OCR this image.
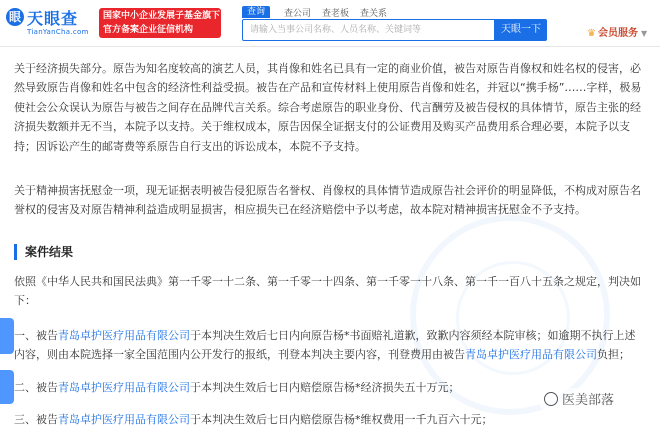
眼 天眼查
TianYanCha.com
国家中小企业发展子基金旗下
官方备案企业征信机构
查询	查公司 查老板 查关系
请输入当事公司名称、人员名称、关键词等	天眼一下	♛ 会员服务 ▼

关于经济损失部分。原告为知名度较高的演艺人员，其肖像和姓名已具有一定的商业价值，被告对原告肖像权和姓名权的侵害，必然导致原告肖像和姓名中包含的经济性利益受损。被告在产品和宣传材料上使用原告肖像和姓名，并冠以“携手杨”……字样，极易使社会公众误认为原告与被告之间存在品牌代言关系。综合考虑原告的职业身份、代言酬劳及被告侵权的具体情节，原告主张的经济损失数额并无不当，本院予以支持。关于维权成本，原告因保全证据支付的公证费用及购买产品费用系合理必要，本院予以支持；因诉讼产生的邮寄费等系原告自行支出的诉讼成本，本院不予支持。

关于精神损害抚慰金一项，现无证据表明被告侵犯原告名誉权、肖像权的具体情节造成原告社会评价的明显降低，不构成对原告名誉权的侵害及对原告精神利益造成明显损害，相应损失已在经济赔偿中予以考虑，故本院对精神损害抚慰金不予支持。

案件结果

依照《中华人民共和国民法典》第一千零一十二条、第一千零一十四条、第一千零一十八条、第一千一百八十五条之规定，判决如下：

一、被告青岛卓护医疗用品有限公司于本判决生效后七日内向原告杨*书面赔礼道歉，致歉内容须经本院审核；如逾期不执行上述内容，则由本院选择一家全国范围内公开发行的报纸，刊登本判决主要内容，刊登费用由被告青岛卓护医疗用品有限公司负担；

二、被告青岛卓护医疗用品有限公司于本判决生效后七日内赔偿原告杨*经济损失五十万元；

三、被告青岛卓护医疗用品有限公司于本判决生效后七日内赔偿原告杨*维权费用一千九百六十元；

医美部落
